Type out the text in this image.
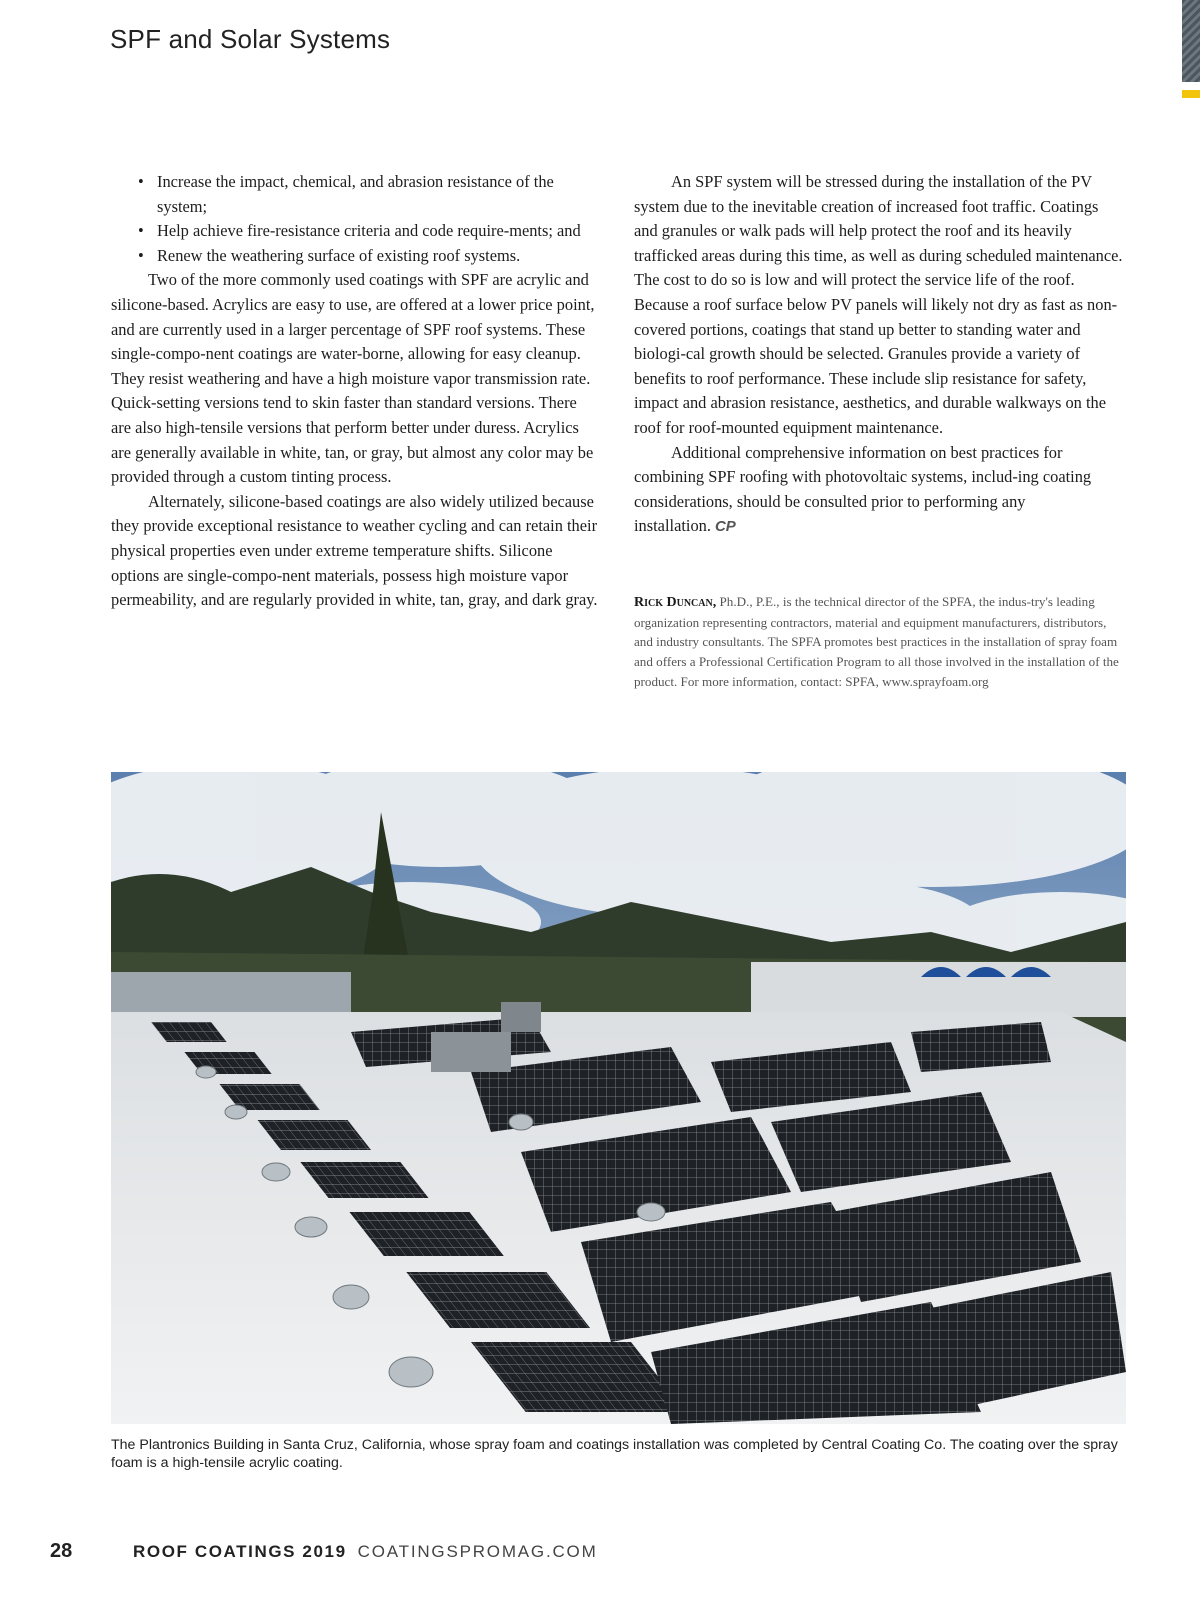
SPF and Solar Systems
• Increase the impact, chemical, and abrasion resistance of the system;
• Help achieve fire-resistance criteria and code require-ments; and
• Renew the weathering surface of existing roof systems.

Two of the more commonly used coatings with SPF are acrylic and silicone-based. Acrylics are easy to use, are offered at a lower price point, and are currently used in a larger percentage of SPF roof systems. These single-compo-nent coatings are water-borne, allowing for easy cleanup. They resist weathering and have a high moisture vapor transmission rate. Quick-setting versions tend to skin faster than standard versions. There are also high-tensile versions that perform better under duress. Acrylics are generally available in white, tan, or gray, but almost any color may be provided through a custom tinting process.

Alternately, silicone-based coatings are also widely utilized because they provide exceptional resistance to weather cycling and can retain their physical properties even under extreme temperature shifts. Silicone options are single-compo-nent materials, possess high moisture vapor permeability, and are regularly provided in white, tan, gray, and dark gray.

An SPF system will be stressed during the installation of the PV system due to the inevitable creation of increased foot traffic. Coatings and granules or walk pads will help protect the roof and its heavily trafficked areas during this time, as well as during scheduled maintenance. The cost to do so is low and will protect the service life of the roof. Because a roof surface below PV panels will likely not dry as fast as non-covered portions, coatings that stand up better to standing water and biologi-cal growth should be selected. Granules provide a variety of benefits to roof performance. These include slip resistance for safety, impact and abrasion resistance, aesthetics, and durable walkways on the roof for roof-mounted equipment maintenance.

Additional comprehensive information on best practices for combining SPF roofing with photovoltaic systems, includ-ing coating considerations, should be consulted prior to performing any installation. CP

Rick Duncan, Ph.D., P.E., is the technical director of the SPFA, the indus-try's leading organization representing contractors, material and equipment manufacturers, distributors, and industry consultants. The SPFA promotes best practices in the installation of spray foam and offers a Professional Certification Program to all those involved in the installation of the product. For more information, contact: SPFA, www.sprayfoam.org
The Plantronics Building in Santa Cruz, California, whose spray foam and coatings installation was completed by Central Coating Co. The coating over the spray foam is a high-tensile acrylic coating.
28	ROOF COATINGS 2019 COATINGSPROMAG.COM
